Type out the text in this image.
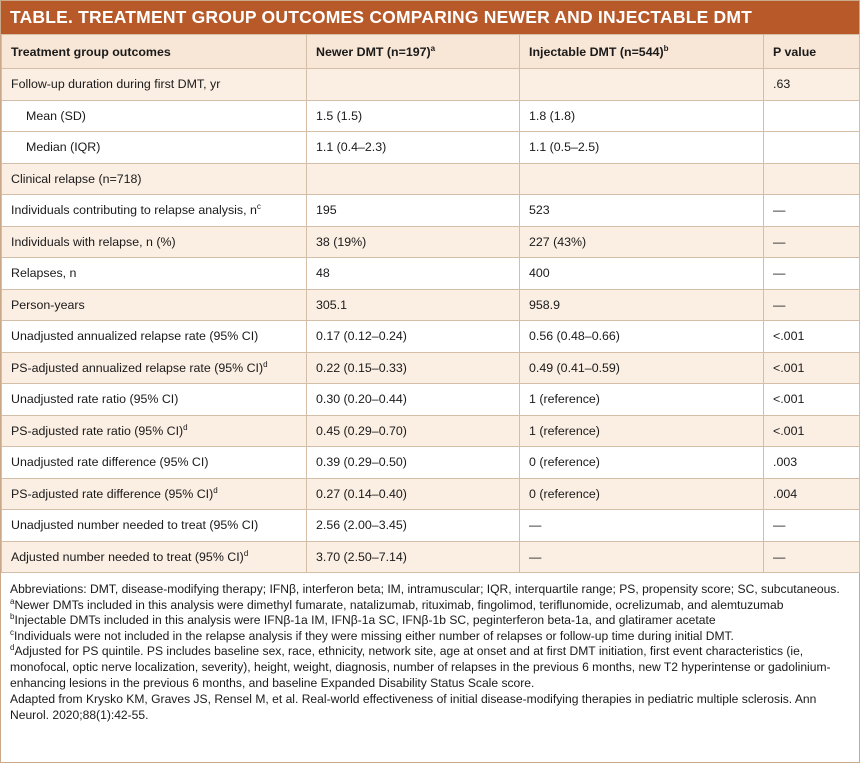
TABLE. TREATMENT GROUP OUTCOMES COMPARING NEWER AND INJECTABLE DMT
Treatment group outcomes	Newer DMT (n=197)$^a$	Injectable DMT (n=544)$^b$	P value
Follow-up duration during first DMT, yr			.63
Mean (SD)	1.5 (1.5)	1.8 (1.8)	
Median (IQR)	1.1 (0.4–2.3)	1.1 (0.5–2.5)	
Clinical relapse (n=718)			
Individuals contributing to relapse analysis, $n^c$	195	523	—
Individuals with relapse, n (%)	38 (19%)	227 (43%)	—
Relapses, n	48	400	—
Person-years	305.1	958.9	—
Unadjusted annualized relapse rate (95% CI)	0.17 (0.12–0.24)	0.56 (0.48–0.66)	<.001
PS-adjusted annualized relapse rate (95% CI)$^d$	0.22 (0.15–0.33)	0.49 (0.41–0.59)	<.001
Unadjusted rate ratio (95% CI)	0.30 (0.20–0.44)	1 (reference)	<.001
PS-adjusted rate ratio (95% CI)$^d$	0.45 (0.29–0.70)	1 (reference)	<.001
Unadjusted rate difference (95% CI)	0.39 (0.29–0.50)	0 (reference)	.003
PS-adjusted rate difference (95% CI)$^d$	0.27 (0.14–0.40)	0 (reference)	.004
Unadjusted number needed to treat (95% CI)	2.56 (2.00–3.45)	—	—
Adjusted number needed to treat (95% CI)$^d$	3.70 (2.50–7.14)	—	—

Abbreviations: DMT, disease-modifying therapy; IFNβ, interferon beta; IM, intramuscular; IQR, interquartile range; PS, propensity score; SC, subcutaneous.

$^a$Newer DMTs included in this analysis were dimethyl fumarate, natalizumab, rituximab, fingolimod, teriflunomide, ocrelizumab, and alemtuzumab

$^b$Injectable DMTs included in this analysis were IFNβ-1a IM, IFNβ-1a SC, IFNβ-1b SC, peginterferon beta-1a, and glatiramer acetate

$^c$Individuals were not included in the relapse analysis if they were missing either number of relapses or follow-up time during initial DMT.

$^d$Adjusted for PS quintile. PS includes baseline sex, race, ethnicity, network site, age at onset and at first DMT initiation, first event characteristics (ie, monofocal, optic nerve localization, severity), height, weight, diagnosis, number of relapses in the previous 6 months, new T2 hyperintense or gadolinium-enhancing lesions in the previous 6 months, and baseline Expanded Disability Status Scale score.

Adapted from Krysko KM, Graves JS, Rensel M, et al. Real-world effectiveness of initial disease-modifying therapies in pediatric multiple sclerosis. Ann Neurol. 2020;88(1):42-55.
